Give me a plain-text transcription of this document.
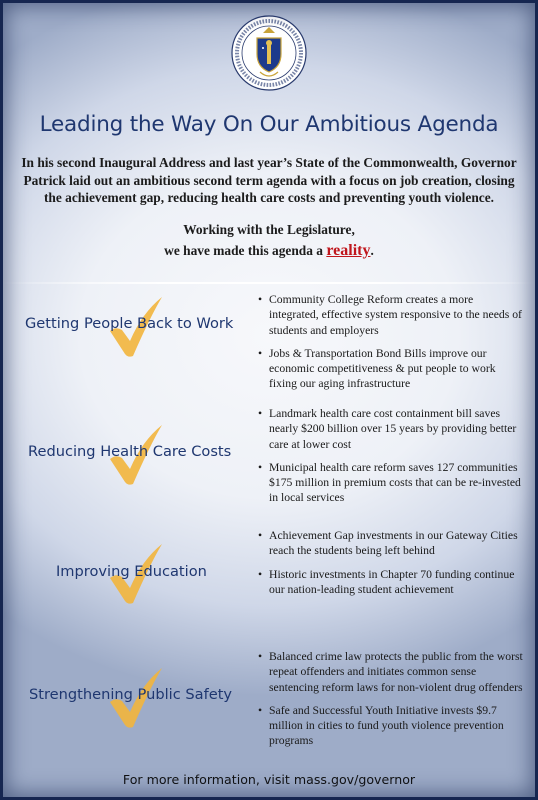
Leading the Way On Our Ambitious Agenda
In his second Inaugural Address and last year’s State of the Commonwealth, Governor Patrick laid out an ambitious second term agenda with a focus on job creation, closing the achievement gap, reducing health care costs and preventing youth violence.
Working with the Legislature,
we have made this agenda a reality.
Getting People Back to Work
• Community College Reform creates a more integrated, effective system responsive to the needs of students and employers
• Jobs & Transportation Bond Bills improve our economic competitiveness & put people to work fixing our aging infrastructure
Reducing Health Care Costs
• Landmark health care cost containment bill saves nearly $200 billion over 15 years by providing better care at lower cost
• Municipal health care reform saves 127 communities $175 million in premium costs that can be re-invested in local services
Improving Education
• Achievement Gap investments in our Gateway Cities reach the students being left behind
• Historic investments in Chapter 70 funding continue our nation-leading student achievement
Strengthening Public Safety
• Balanced crime law protects the public from the worst repeat offenders and initiates common sense sentencing reform laws for non-violent drug offenders
• Safe and Successful Youth Initiative invests $9.7 million in cities to fund youth violence prevention programs
For more information, visit mass.gov/governor
